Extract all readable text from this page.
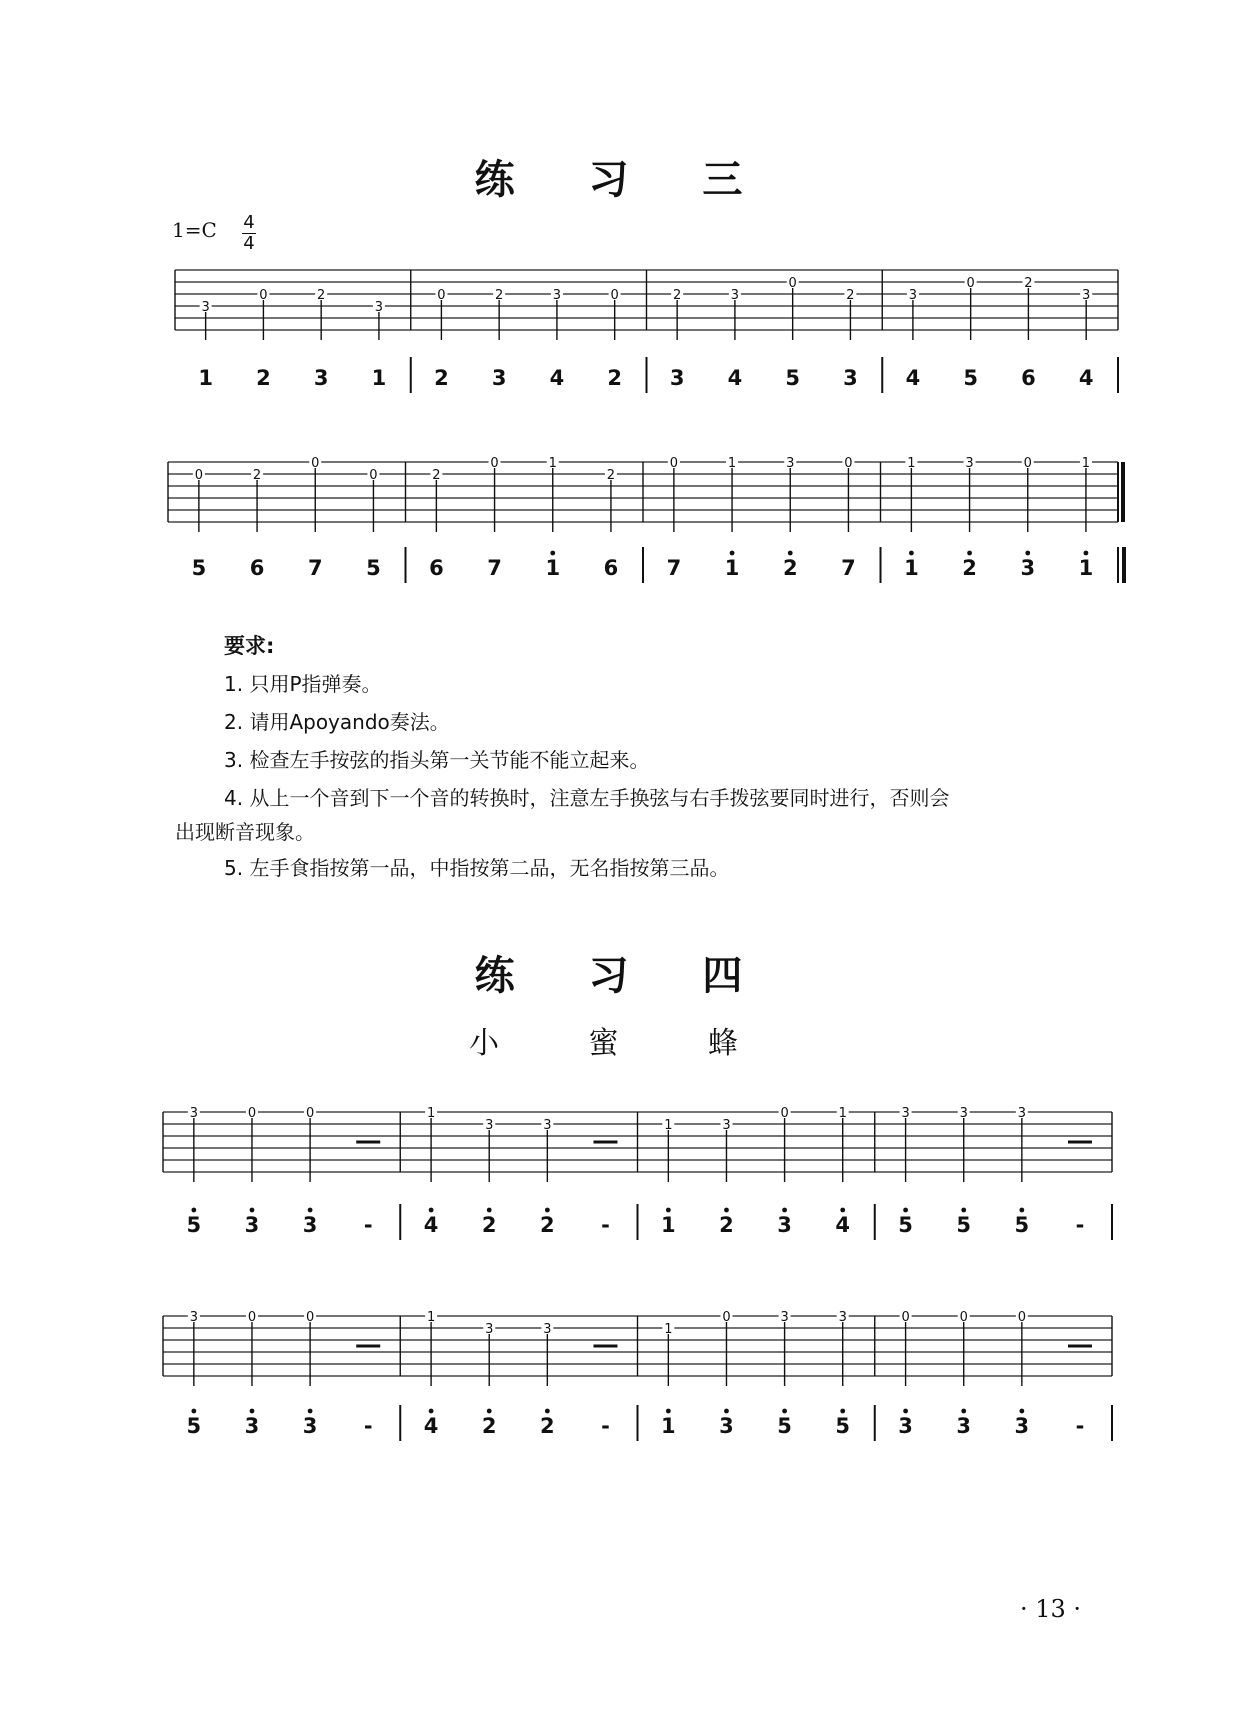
练 习 三
1=C 4
4
3
1
0
2
2
3
3
1
0
2
2
3
3
4
0
2
2
3
3
4
0
5
2
3
3
4
0
5
2
6
3
4
0
5
2
6
0
7
0
5
2
6
0
7
1
1
2
6
0
7
1
1
3
2
0
7
1
1
3
2
0
3
1
1
3
5
0
3
0
3 -
1
4
3
2
3
2 -
1
1
3
2
0
3
1
4
3
5
3
5
3
5 -
3
5
0
3
0
3 -
1
4
3
2
3
2 -
1
1
0
3
3
5
3
5
0
3
0
3
0
3 -
要求:
1. 只用P指弹奏。
2. 请用Apoyando奏法。
3. 检查左手按弦的指头第一关节能不能立起来。
4. 从上一个音到下一个音的转换时，注意左手换弦与右手拨弦要同时进行，否则会
出现断音现象。
5. 左手食指按第一品，中指按第二品，无名指按第三品。
练 习 四
小 蜜 蜂
· 13 ·
